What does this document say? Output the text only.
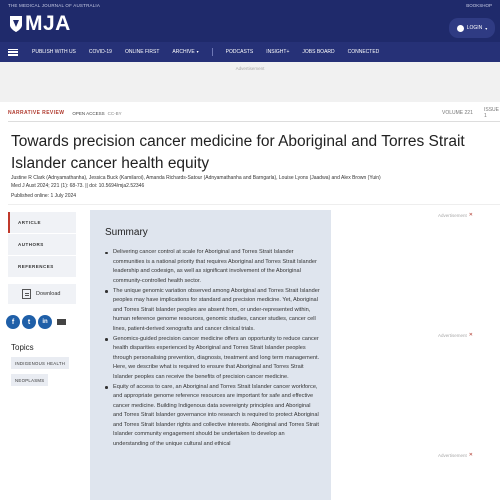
THE MEDICAL JOURNAL OF AUSTRALIA	BOOKSHOP
MJA	LOGIN ▾
PUBLISH WITH US	COVID-19	ONLINE FIRST	ARCHIVE ▾	PODCASTS	INSIGHT+	JOBS BOARD	CONNECTED
Advertisement
NARRATIVE REVIEW OPEN ACCESS CC-BY	VOLUME 221 ISSUE 1
Towards precision cancer medicine for Aboriginal and Torres Strait Islander cancer health equity
Justine R Clark (Adnyamathanha), Jessica Buck (Kamilaroi), Amanda Richards-Satour (Adnyamathanha and Barngarla), Louise Lyons (Jaadwa) and Alex Brown (Yuin)
Med J Aust 2024; 221 (1): 68-73. || doi: 10.5694/mja2.52346
Published online: 1 July 2024
ARTICLE
AUTHORS
REFERENCES
Download
f	t	in
Topics
INDIGENOUS HEALTH
NEOPLASMS
Summary
Delivering cancer control at scale for Aboriginal and Torres Strait Islander communities is a national priority that requires Aboriginal and Torres Strait Islander leadership and codesign, as well as significant involvement of the Aboriginal community-controlled health sector.
The unique genomic variation observed among Aboriginal and Torres Strait Islander peoples may have implications for standard and precision medicine. Yet, Aboriginal and Torres Strait Islander peoples are absent from, or under-represented within, human reference genome resources, genomic studies, cancer studies, cancer cell lines, patient-derived xenografts and cancer clinical trials.
Genomics-guided precision cancer medicine offers an opportunity to reduce cancer health disparities experienced by Aboriginal and Torres Strait Islander peoples through personalising prevention, diagnosis, treatment and long term management. Here, we describe what is required to ensure that Aboriginal and Torres Strait Islander peoples can receive the benefits of precision cancer medicine.
Equity of access to care, an Aboriginal and Torres Strait Islander cancer workforce, and appropriate genome reference resources are important for safe and effective cancer medicine. Building Indigenous data sovereignty principles and Aboriginal and Torres Strait Islander governance into research is required to protect Aboriginal and Torres Strait Islander rights and collective interests. Aboriginal and Torres Strait Islander community engagement should be undertaken to develop an understanding of the unique cultural and ethical
Advertisement ✕
Advertisement ✕
Advertisement ✕
